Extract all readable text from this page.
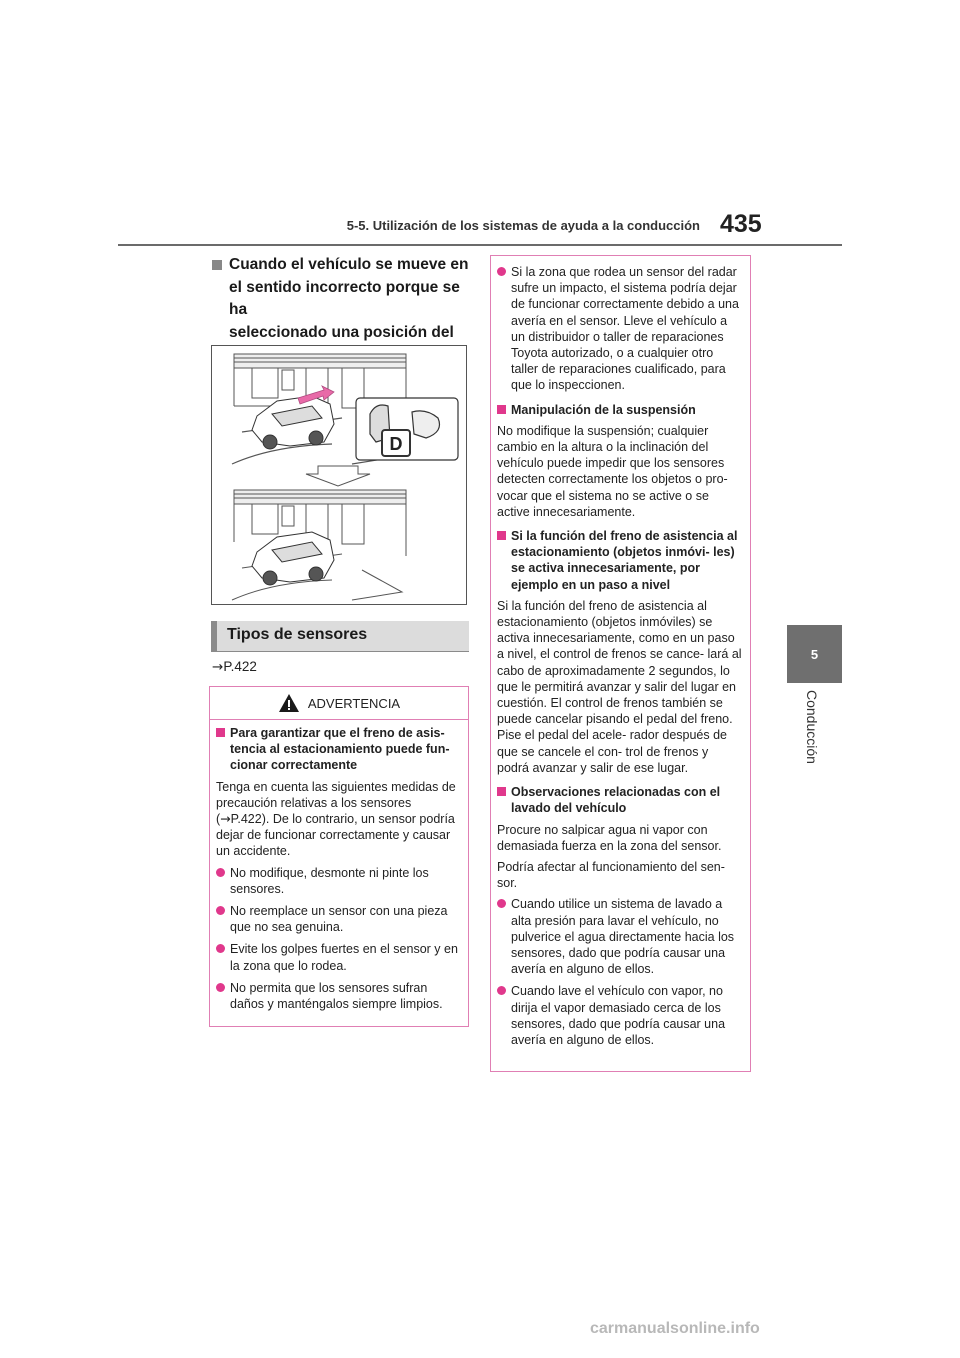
5-5. Utilización de los sistemas de ayuda a la conducción 435
5
Conducción
Cuando el vehículo se mueve en
el sentido incorrecto porque se ha
seleccionado una posición del
D
Tipos de sensores
→P.422
ADVERTENCIA
Para garantizar que el freno de asis- tencia al estacionamiento puede fun- cionar correctamente
Tenga en cuenta las siguientes medidas de precaución relativas a los sensores (→P.422). De lo contrario, un sensor podría dejar de funcionar correctamente y causar un accidente.
No modifique, desmonte ni pinte los sensores.
No reemplace un sensor con una pieza que no sea genuina.
Evite los golpes fuertes en el sensor y en la zona que lo rodea.
No permita que los sensores sufran daños y manténgalos siempre limpios.
Si la zona que rodea un sensor del radar sufre un impacto, el sistema podría dejar de funcionar correctamente debido a una avería en el sensor. Lleve el vehículo a un distribuidor o taller de reparaciones Toyota autorizado, o a cualquier otro taller de reparaciones cualificado, para que lo inspeccionen.
Manipulación de la suspensión
No modifique la suspensión; cualquier cambio en la altura o la inclinación del vehículo puede impedir que los sensores detecten correctamente los objetos o pro- vocar que el sistema no se active o se active innecesariamente.
Si la función del freno de asistencia al estacionamiento (objetos inmóvi- les) se activa innecesariamente, por ejemplo en un paso a nivel
Si la función del freno de asistencia al estacionamiento (objetos inmóviles) se activa innecesariamente, como en un paso a nivel, el control de frenos se cance- lará al cabo de aproximadamente 2 segundos, lo que le permitirá avanzar y salir del lugar en cuestión. El control de frenos también se puede cancelar pisando el pedal del freno. Pise el pedal del acele- rador después de que se cancele el con- trol de frenos y podrá avanzar y salir de ese lugar.
Observaciones relacionadas con el lavado del vehículo
Procure no salpicar agua ni vapor con demasiada fuerza en la zona del sensor.
Podría afectar al funcionamiento del sen- sor.
Cuando utilice un sistema de lavado a alta presión para lavar el vehículo, no pulverice el agua directamente hacia los sensores, dado que podría causar una avería en alguno de ellos.
Cuando lave el vehículo con vapor, no dirija el vapor demasiado cerca de los sensores, dado que podría causar una avería en alguno de ellos.
carmanualsonline.info
